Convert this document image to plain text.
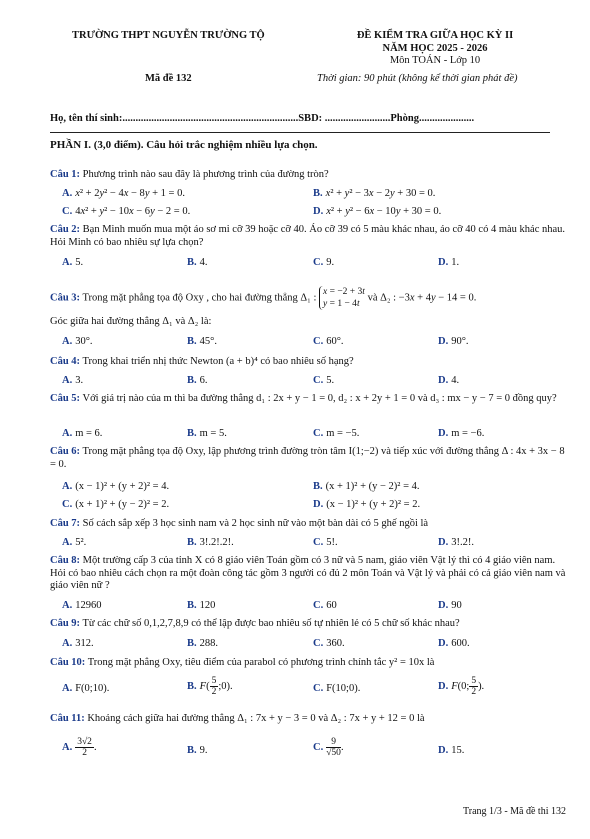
TRƯỜNG THPT NGUYỄN TRƯỜNG TỘ	ĐỀ KIỂM TRA GIỮA HỌC KỲ II
NĂM HỌC 2025 - 2026
Môn TOÁN - Lớp 10
Mã đề 132	Thời gian: 90 phút (không kể thời gian phát đề)
Họ, tên thí sinh:...................................................................SBD: .........................Phòng.....................
PHẦN I. (3,0 điểm). Câu hỏi trắc nghiệm nhiều lựa chọn.
Câu 1: Phương trình nào sau đây là phương trình của đường tròn?
A. x² + 2y² − 4x − 8y + 1 = 0.	B. x² + y² − 3x − 2y + 30 = 0.
C. 4x² + y² − 10x − 6y − 2 = 0.	D. x² + y² − 6x − 10y + 30 = 0.
Câu 2: Bạn Minh muốn mua một áo sơ mi cỡ 39 hoặc cỡ 40. Áo cỡ 39 có 5 màu khác nhau, áo cỡ 40 có 4 màu khác nhau. Hỏi Minh có bao nhiêu sự lựa chọn?
A. 5.	B. 4.	C. 9.	D. 1.
Câu 3: Trong mặt phẳng tọa độ Oxy , cho hai đường thẳng Δ₁ :
x = −2 + 3t
y = 1 − 4t
và Δ₂ : −3x + 4y − 14 = 0.
Góc giữa hai đường thẳng Δ₁ và Δ₂ là:
A. 30°.	B. 45°.	C. 60°.	D. 90°.
Câu 4: Trong khai triển nhị thức Newton (a + b)⁴ có bao nhiêu số hạng?
A. 3.	B. 6.	C. 5.	D. 4.
Câu 5: Với giá trị nào của m thì ba đường thẳng d₁ : 2x + y − 1 = 0, d₂ : x + 2y + 1 = 0 và d₃ : mx − y − 7 = 0 đồng quy?
A. m = 6.	B. m = 5.	C. m = −5.	D. m = −6.
Câu 6: Trong mặt phẳng tọa độ Oxy, lập phương trình đường tròn tâm I(1;−2) và tiếp xúc với đường thẳng Δ : 4x + 3x − 8 = 0.
A. (x − 1)² + (y + 2)² = 4.	B. (x + 1)² + (y − 2)² = 4.
C. (x + 1)² + (y − 2)² = 2.	D. (x − 1)² + (y + 2)² = 2.
Câu 7: Số cách sắp xếp 3 học sinh nam và 2 học sinh nữ vào một bàn dài có 5 ghế ngồi là
A. 5².	B. 3!.2!.2!.	C. 5!.	D. 3!.2!.
Câu 8: Một trường cấp 3 của tỉnh X có 8 giáo viên Toán gồm có 3 nữ và 5 nam, giáo viên Vật lý thì có 4 giáo viên nam. Hỏi có bao nhiêu cách chọn ra một đoàn công tác gồm 3 người có đủ 2 môn Toán và Vật lý và phải có cả giáo viên nam và giáo viên nữ ?
A. 12960	B. 120	C. 60	D. 90
Câu 9: Từ các chữ số 0,1,2,7,8,9 có thể lập được bao nhiêu số tự nhiên lẻ có 5 chữ số khác nhau?
A. 312.	B. 288.	C. 360.	D. 600.
Câu 10: Trong mặt phẳng Oxy, tiêu điểm của parabol có phương trình chính tắc y² = 10x là
A. F(0;10).	B. $F( \frac{5}{2}$ ;0).	C. F(10;0).	D. F(0; $\frac{5}{2}$ ).
Câu 11: Khoảng cách giữa hai đường thẳng Δ₁ : 7x + y − 3 = 0 và Δ₂ : 7x + y + 12 = 0 là
A. $\frac{3√2}{2}$ .	B. 9.	C. $\frac{9}{√50}$ .	D. 15.
Trang 1/3 - Mã đề thi 132
